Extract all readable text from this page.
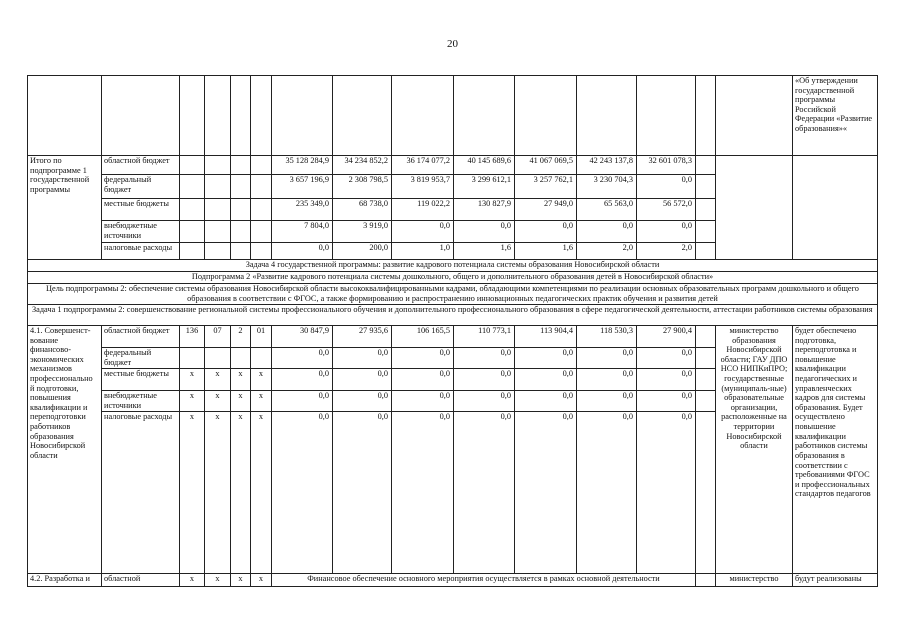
20
															«Об утверждении государственной программы Российской Федерации «Развитие образования»«
Итого по подпрограмме 1 государственной программы	областной бюджет					35 128 284,9	34 234 852,2	36 174 077,2	40 145 689,6	41 067 069,5	42 243 137,8	32 601 078,3			
	федеральный бюджет					3 657 196,9	2 308 798,5	3 819 953,7	3 299 612,1	3 257 762,1	3 230 704,3	0,0			
	местные бюджеты					235 349,0	68 738,0	119 022,2	130 827,9	27 949,0	65 563,0	56 572,0			
	внебюджетные источники					7 804,0	3 919,0	0,0	0,0	0,0	0,0	0,0			
	налоговые расходы					0,0	200,0	1,0	1,6	1,6	2,0	2,0			
Задача 4 государственной программы: развитие кадрового потенциала системы образования Новосибирской области															
Подпрограмма 2 «Развитие кадрового потенциала системы дошкольного, общего и дополнительного образования детей в Новосибирской области»															
Цель подпрограммы 2: обеспечение системы образования Новосибирской области высококвалифицированными кадрами, обладающими компетенциями по реализации основных образовательных программ дошкольного и общего образования в соответствии с ФГОС, а также формированию и распространению инновационных педагогических практик обучения и развития детей															
Задача 1 подпрограммы 2: совершенствование региональной системы профессионального обучения и дополнительного профессионального образования в сфере педагогической деятельности, аттестации работников системы образования															
4.1. Совершенст-вование финансово-экономических механизмов профессионально й подготовки, повышения квалификации и переподготовки работников образования Новосибирской области	областной бюджет	136	07	2	01	30 847,9	27 935,6	106 165,5	110 773,1	113 904,4	118 530,3	27 900,4		министерство образования Новосибирской области; ГАУ ДПО НСО НИПКиПРО; государственные (муниципаль-ные) образовательные организации, расположенные на территории Новосибирской области	будет обеспечено подготовка, переподготовка и повышение квалификации педагогических и управленческих кадров для системы образования. Будет осуществлено повышение квалификации работников системы образования в соответствии с требованиями ФГОС и профессиональных стандартов педагогов
	федеральный бюджет					0,0	0,0	0,0	0,0	0,0	0,0	0,0			
	местные бюджеты	х	х	х	х	0,0	0,0	0,0	0,0	0,0	0,0	0,0			
	внебюджетные источники	х	х	х	х	0,0	0,0	0,0	0,0	0,0	0,0	0,0			
	налоговые расходы	х	х	х	х	0,0	0,0	0,0	0,0	0,0	0,0	0,0			
4.2. Разработка и	областной	х	х	х	х	Финансовое обеспечение основного мероприятия осуществляется в рамках основной деятельности								министерство	будут реализованы
